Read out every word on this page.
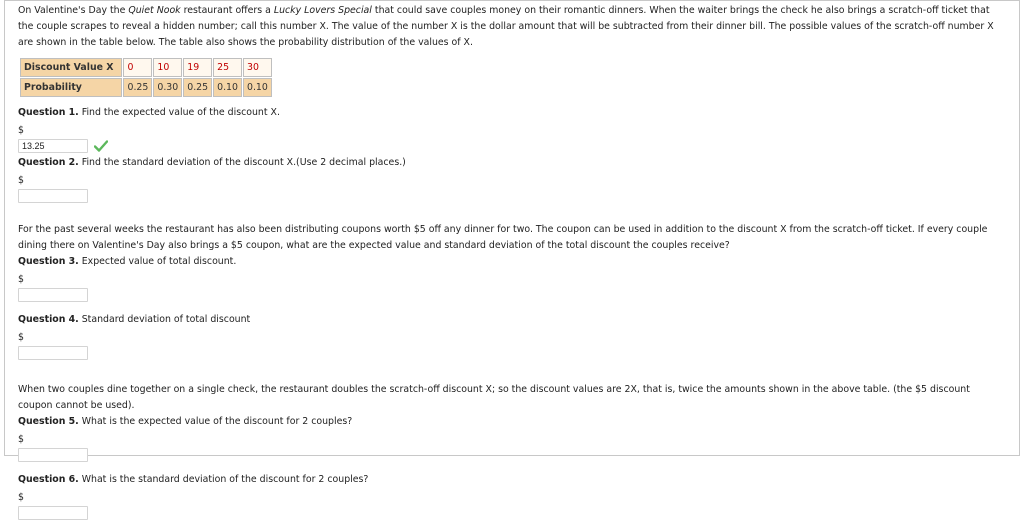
On Valentine's Day the Quiet Nook restaurant offers a Lucky Lovers Special that could save couples money on their romantic dinners. When the waiter brings the check he also brings a scratch-off ticket that the couple scrapes to reveal a hidden number; call this number X. The value of the number X is the dollar amount that will be subtracted from their dinner bill. The possible values of the scratch-off number X are shown in the table below. The table also shows the probability distribution of the values of X.

Discount Value X	0	10	19	25	30
Probability	0.25	0.30	0.25	0.10	0.10

Question 1. Find the expected value of the discount X.

$

13.25

Question 2. Find the standard deviation of the discount X.(Use 2 decimal places.)

$

For the past several weeks the restaurant has also been distributing coupons worth $5 off any dinner for two. The coupon can be used in addition to the discount X from the scratch-off ticket. If every couple dining there on Valentine's Day also brings a $5 coupon, what are the expected value and standard deviation of the total discount the couples receive?

Question 3. Expected value of total discount.

$

Question 4. Standard deviation of total discount

$

When two couples dine together on a single check, the restaurant doubles the scratch-off discount X; so the discount values are 2X, that is, twice the amounts shown in the above table. (the $5 discount coupon cannot be used).

Question 5. What is the expected value of the discount for 2 couples?

$

Question 6. What is the standard deviation of the discount for 2 couples?

$
